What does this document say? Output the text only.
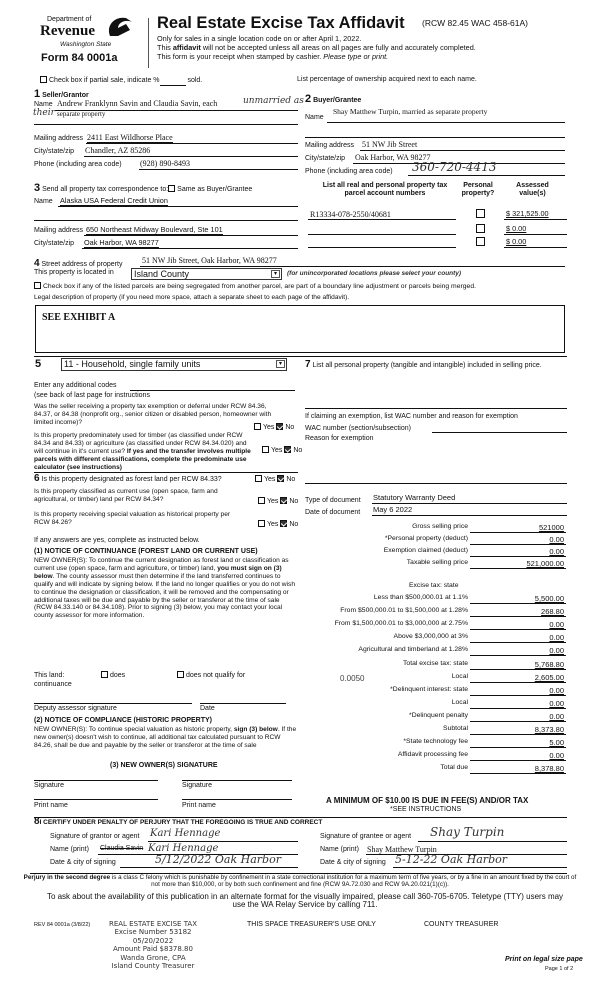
Department of
Revenue
Washington State
Form 84 0001a
Real Estate Excise Tax Affidavit (RCW 82.45 WAC 458-61A)
Only for sales in a single location code on or after April 1, 2022.
This affidavit will not be accepted unless all areas on all pages are fully and accurately completed.
This form is your receipt when stamped by cashier. Please type or print.
Check box if partial sale, indicate %	sold.	List percentage of ownership acquired next to each name.
1 Seller/Grantor
Name Andrew Franklynn Savin and Claudia Savin, each	unmarried as
their separate property
Mailing address 2411 East Wildhorse Place
City/state/zip Chandler, AZ 85286
Phone (including area code) (928) 890-8493
2 Buyer/Grantee
Name
Shay Matthew Turpin, married as separate property
Mailing address 51 NW Jib Street
City/state/zip Oak Harbor, WA 98277
Phone (including area code) 360-720-4413
3 Send all property tax correspondence to: Same as Buyer/Grantee
Name Alaska USA Federal Credit Union
Mailing address 650 Northeast Midway Boulevard, Ste 101
City/state/zip Oak Harbor, WA 98277
List all real and personal property tax
parcel account numbers
Personal
property?
Assessed
value(s)
R13334-078-2550/40681	$ 321,525.00
$ 0.00
$ 0.00
4 Street address of property 51 NW Jib Street, Oak Harbor, WA 98277
This property is located in	Island County	▾	(for unincorporated locations please select your county)
Check box if any of the listed parcels are being segregated from another parcel, are part of a boundary line adjustment or parcels being merged.
Legal description of property (if you need more space, attach a separate sheet to each page of the affidavit).
SEE EXHIBIT A
5	11 - Household, single family units	▾
Enter any additional codes
(see back of last page for instructions
Was the seller receiving a property tax exemption or deferral under RCW 84.36, 84.37, or 84.38 (nonprofit org., senior citizen or disabled person, homeowner with limited income)?
Yes No
Is this property predominately used for timber (as classified under RCW 84.34 and 84.33) or agriculture (as classified under RCW 84.34.020) and will continue in it's current use? If yes and the transfer involves multiple parcels with different classifications, complete the predominate use calculator (see instructions)
Yes No
6 Is this property designated as forest land per RCW 84.33?	Yes No
Is this property classified as current use (open space, farm and agricultural, or timber) land per RCW 84.34?	Yes No
Is this property receiving special valuation as historical property per RCW 84.26?	Yes No
If any answers are yes, complete as instructed below.
(1) NOTICE OF CONTINUANCE (FOREST LAND OR CURRENT USE)
NEW OWNER(S): To continue the current designation as forest land or classification as current use (open space, farm and agriculture, or timber) land, you must sign on (3) below. The county assessor must then determine if the land transferred continues to qualify and will indicate by signing below. If the land no longer qualifies or you do not wish to continue the designation or classification, it will be removed and the compensating or additional taxes will be due and payable by the seller or transferor at the time of sale (RCW 84.33.140 or 84.34.108). Prior to signing (3) below, you may contact your local county assessor for more information.
This land:
continuance
does	does not qualify for
Deputy assessor signature	Date
(2) NOTICE OF COMPLIANCE (HISTORIC PROPERTY)
NEW OWNER(S): To continue special valuation as historic property, sign (3) below. If the new owner(s) doesn't wish to continue, all additional tax calculated pursuant to RCW 84.26, shall be due and payable by the seller or transferor at the time of sale
(3) NEW OWNER(S) SIGNATURE
Signature	Signature
Print name	Print name
7 List all personal property (tangible and intangible) included in selling price.
If claiming an exemption, list WAC number and reason for exemption
WAC number (section/subsection)
Reason for exemption
Type of document Statutory Warranty Deed
Date of document May 6 2022
Gross selling price	521000
*Personal property (deduct)	0.00
Exemption claimed (deduct)	0.00
Taxable selling price	521,000.00
Excise tax: state
Less than $500,000.01 at 1.1%	5,500.00
From $500,000.01 to $1,500,000 at 1.28%	268.80
From $1,500,000.01 to $3,000,000 at 2.75%	0.00
Above $3,000,000 at 3%	0.00
Agricultural and timberland at 1.28%	0.00
Total excise tax: state	5,768.80
Local	2,605.00
0.0050
*Delinquent interest: state	0.00
Local	0.00
*Delinquent penalty	0.00
Subtotal	8,373.80
*State technology fee	5.00
Affidavit processing fee	0.00
Total due	8,378.80
A MINIMUM OF $10.00 IS DUE IN FEE(S) AND/OR TAX
*SEE INSTRUCTIONS
8I CERTIFY UNDER PENALTY OF PERJURY THAT THE FOREGOING IS TRUE AND CORRECT
Signature of grantor or agent Kari Hennage
Name (print) Claudia Savin Kari Hennage
Date & city of signing	5/12/2022 Oak Harbor
Signature of grantee or agent Shay Turpin
Name (print) Shay Matthew Turpin
Date & city of signing 5-12-22 Oak Harbor
Perjury in the second degree is a class C felony which is punishable by confinement in a state correctional institution for a maximum term of five years, or by a fine in an amount fixed by the court of not more than $10,000, or by both such confinement and fine (RCW 9A.72.030 and RCW 9A.20.021(1)(c)).
To ask about the availability of this publication in an alternate format for the visually impaired, please call 360-705-6705. Teletype (TTY) users may use the WA Relay Service by calling 711.
REV 84 0001a (3/8/22)	REAL ESTATE EXCISE TAX
Excise Number 53182
05/20/2022
Amount Paid $8378.80
Wanda Grone, CPA
Island County Treasurer
THIS SPACE TREASURER'S USE ONLY	COUNTY TREASURER
Print on legal size pape
Page 1 of 2
